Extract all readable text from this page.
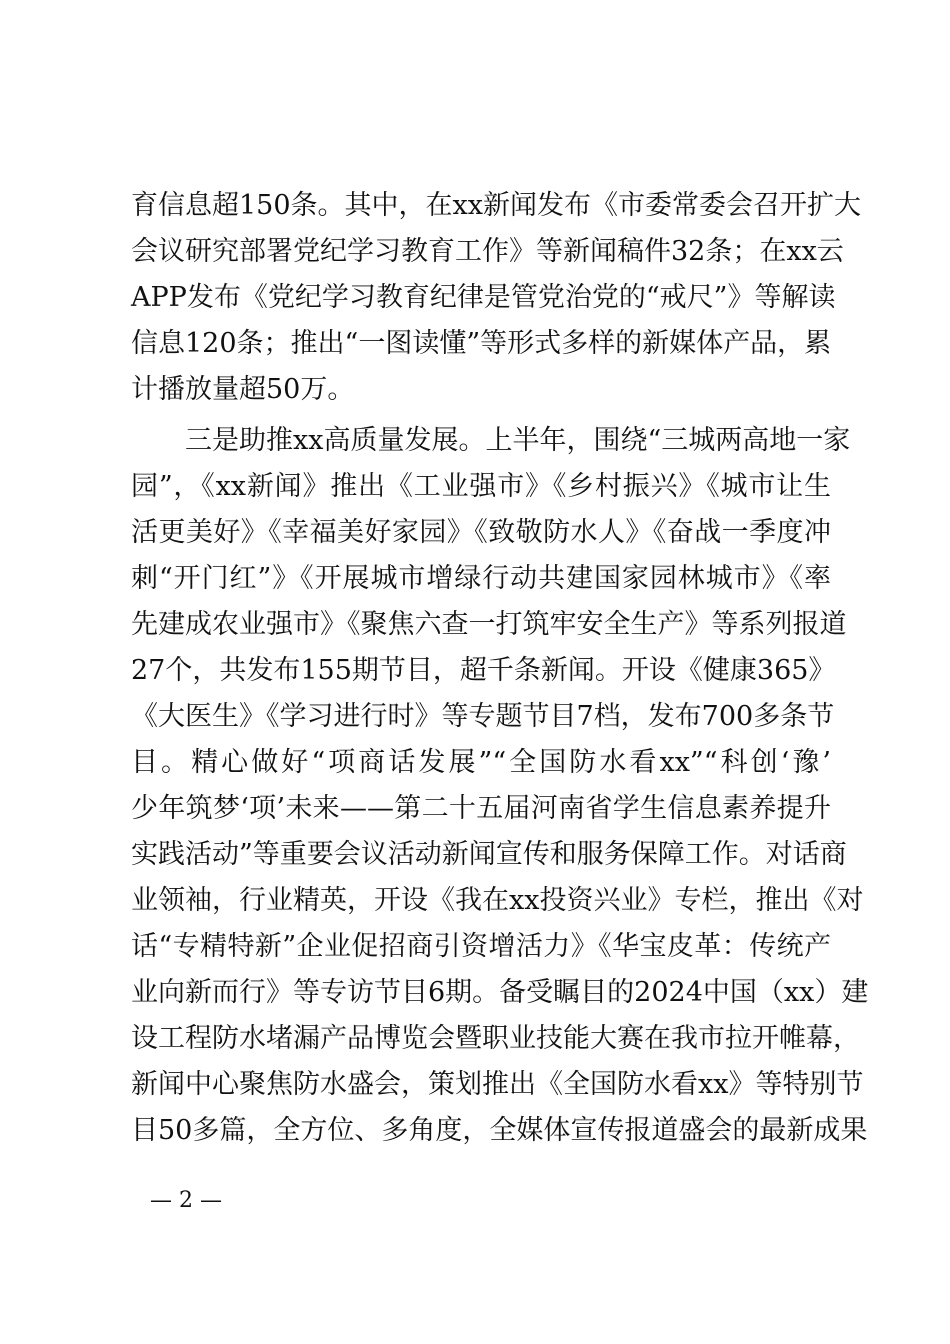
育信息超150条。其中，在xx新闻发布《市委常委会召开扩大
会议研究部署党纪学习教育工作》等新闻稿件32条；在xx云
APP发布《党纪学习教育纪律是管党治党的“戒尺”》等解读
信息120条；推出“一图读懂”等形式多样的新媒体产品，累
计播放量超50万。
三是助推xx高质量发展。上半年，围绕“三城两高地一家
园”，《xx新闻》推出《工业强市》《乡村振兴》《城市让生
活更美好》《幸福美好家园》《致敬防水人》《奋战一季度冲
刺“开门红”》《开展城市增绿行动共建国家园林城市》《率
先建成农业强市》《聚焦六查一打筑牢安全生产》等系列报道
27个，共发布155期节目，超千条新闻。开设《健康365》
《大医生》《学习进行时》等专题节目7档，发布700多条节
目。精心做好“项商话发展”“全国防水看xx”“科创‘豫’
少年筑梦‘项’未来——第二十五届河南省学生信息素养提升
实践活动”等重要会议活动新闻宣传和服务保障工作。对话商
业领袖，行业精英，开设《我在xx投资兴业》专栏，推出《对
话“专精特新”企业促招商引资增活力》《华宝皮革：传统产
业向新而行》等专访节目6期。备受瞩目的2024中国（xx）建
设工程防水堵漏产品博览会暨职业技能大赛在我市拉开帷幕，
新闻中心聚焦防水盛会，策划推出《全国防水看xx》等特别节
目50多篇，全方位、多角度，全媒体宣传报道盛会的最新成果
— 2 —
